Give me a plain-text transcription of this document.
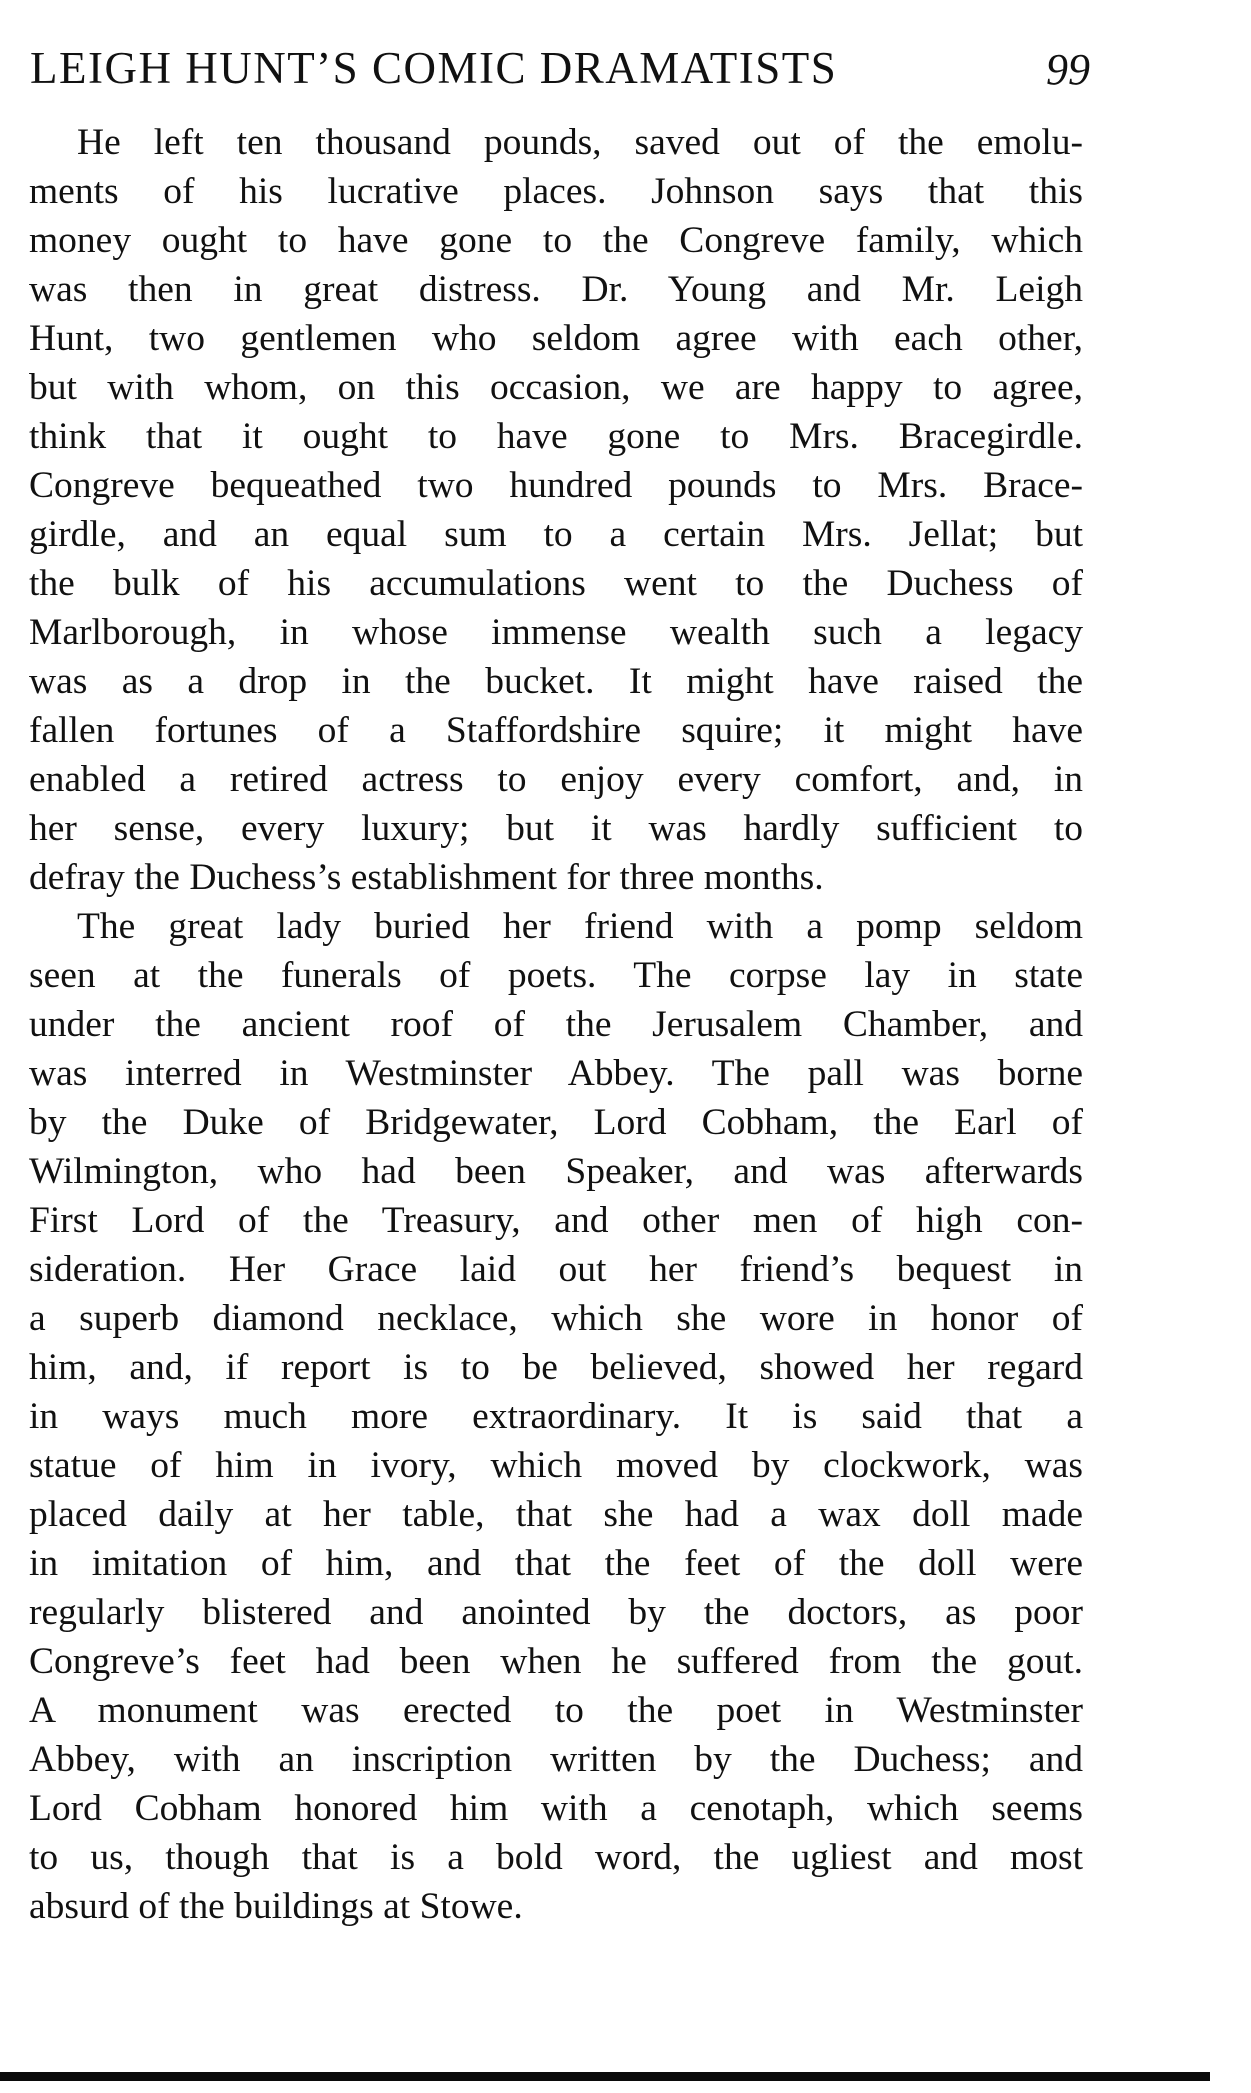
LEIGH HUNT’S COMIC DRAMATISTS	99
He left ten thousand pounds, saved out of the emolu-
ments of his lucrative places. Johnson says that this
money ought to have gone to the Congreve family, which
was then in great distress. Dr. Young and Mr. Leigh
Hunt, two gentlemen who seldom agree with each other,
but with whom, on this occasion, we are happy to agree,
think that it ought to have gone to Mrs. Bracegirdle.
Congreve bequeathed two hundred pounds to Mrs. Brace-
girdle, and an equal sum to a certain Mrs. Jellat; but
the bulk of his accumulations went to the Duchess of
Marlborough, in whose immense wealth such a legacy
was as a drop in the bucket. It might have raised the
fallen fortunes of a Staffordshire squire; it might have
enabled a retired actress to enjoy every comfort, and, in
her sense, every luxury; but it was hardly sufficient to
defray the Duchess’s establishment for three months.
The great lady buried her friend with a pomp seldom
seen at the funerals of poets. The corpse lay in state
under the ancient roof of the Jerusalem Chamber, and
was interred in Westminster Abbey. The pall was borne
by the Duke of Bridgewater, Lord Cobham, the Earl of
Wilmington, who had been Speaker, and was afterwards
First Lord of the Treasury, and other men of high con-
sideration. Her Grace laid out her friend’s bequest in
a superb diamond necklace, which she wore in honor of
him, and, if report is to be believed, showed her regard
in ways much more extraordinary. It is said that a
statue of him in ivory, which moved by clockwork, was
placed daily at her table, that she had a wax doll made
in imitation of him, and that the feet of the doll were
regularly blistered and anointed by the doctors, as poor
Congreve’s feet had been when he suffered from the gout.
A monument was erected to the poet in Westminster
Abbey, with an inscription written by the Duchess; and
Lord Cobham honored him with a cenotaph, which seems
to us, though that is a bold word, the ugliest and most
absurd of the buildings at Stowe.
